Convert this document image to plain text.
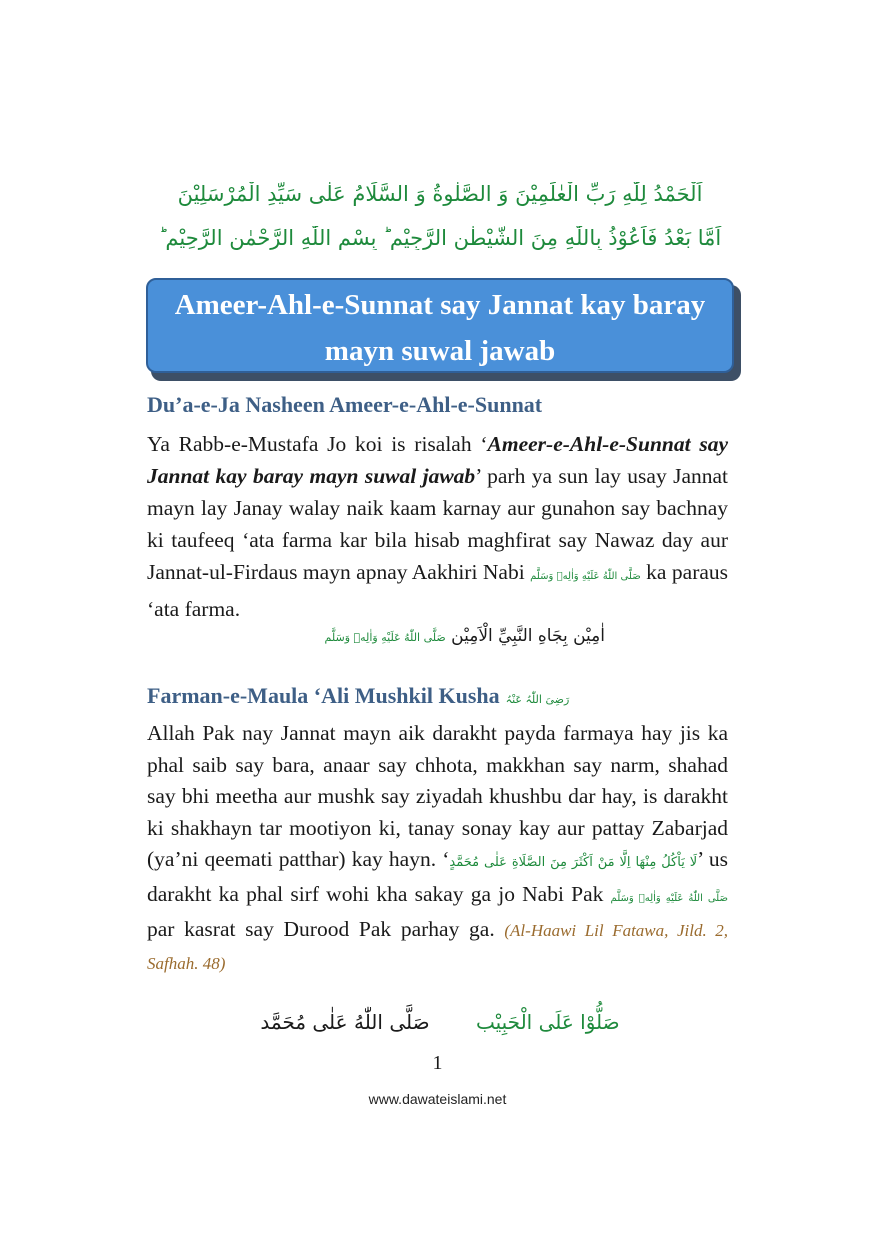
اَلْحَمْدُ لِلّٰهِ رَبِّ الْعٰلَمِيْنَ وَ الصَّلٰوةُ وَ السَّلَامُ عَلٰى سَيِّدِ الْمُرْسَلِيْنَ
اَمَّا بَعْدُ فَاَعُوْذُ بِاللّٰهِ مِنَ الشَّيْطٰنِ الرَّجِيْمِ ؕ بِسْمِ اللّٰهِ الرَّحْمٰنِ الرَّحِيْمِ ؕ
Ameer-Ahl-e-Sunnat say Jannat kay baray
mayn suwal jawab
Du’a-e-Ja Nasheen Ameer-e-Ahl-e-Sunnat
Ya Rabb-e-Mustafa Jo koi is risalah ‘Ameer-e-Ahl-e-Sunnat say Jannat kay baray mayn suwal jawab’ parh ya sun lay usay Jannat mayn lay Janay walay naik kaam karnay aur gunahon say bachnay ki taufeeq ‘ata farma kar bila hisab maghfirat say Nawaz day aur Jannat-ul-Firdaus mayn apnay Aakhiri Nabi صَلَّى اللّٰهُ عَلَيْهِ وَاٰلِهٖ وَسَلَّم ka paraus ‘ata farma.
اٰمِيْن بِجَاهِ النَّبِيِّ الْاَمِيْن صَلَّى اللّٰهُ عَلَيْهِ وَاٰلِهٖ وَسَلَّم
Farman-e-Maula ‘Ali Mushkil Kusha رَضِیَ اللّٰہُ عَنْہُ
Allah Pak nay Jannat mayn aik darakht payda farmaya hay jis ka phal saib say bara, anaar say chhota, makkhan say narm, shahad say bhi meetha aur mushk say ziyadah khushbu dar hay, is darakht ki shakhayn tar mootiyon ki, tanay sonay kay aur pattay Zabarjad (ya’ni qeemati patthar) kay hayn. ‘لَا يَاْكُلُ مِنْهَا اِلَّا مَنْ اَكْثَرَ مِنَ الصَّلَاةِ عَلٰى مُحَمَّدٍ’ us darakht ka phal sirf wohi kha sakay ga jo Nabi Pak صَلَّى اللّٰهُ عَلَيْهِ وَاٰلِهٖ وَسَلَّم par kasrat say Durood Pak parhay ga. (Al-Haawi Lil Fatawa, Jild. 2, Safhah. 48)
صَلُّوْا عَلَى الْحَبِيْب صَلَّى اللّٰهُ عَلٰى مُحَمَّد
1
www.dawateislami.net
